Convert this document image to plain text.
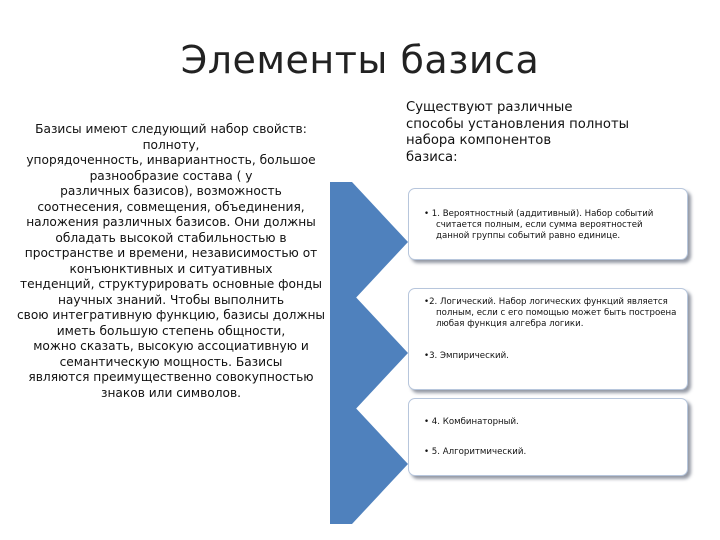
Элементы базиса
Базисы имеют следующий набор свойств:
полноту,
упорядоченность, инвариантность, большое
разнообразие состава ( у
различных базисов), возможность
соотнесения, совмещения, объединения,
наложения различных базисов. Они должны
обладать высокой стабильностью в
пространстве и времени, независимостью от
конъюнктивных и ситуативных
тенденций, структурировать основные фонды
научных знаний. Чтобы выполнить
свою интегративную функцию, базисы должны
иметь большую степень общности,
можно сказать, высокую ассоциативную и
семантическую мощность. Базисы
являются преимущественно совокупностью
знаков или символов.
Существуют различные
способы установления полноты
набора компонентов
базиса:
• 1. Вероятностный (аддитивный). Набор событий
считается полным, если сумма вероятностей
данной группы событий равно единице.
•2. Логический. Набор логических функций является
полным, если с его помощью может быть построена
любая функция алгебра логики.
•3. Эмпирический.
• 4. Комбинаторный.
• 5. Алгоритмический.
